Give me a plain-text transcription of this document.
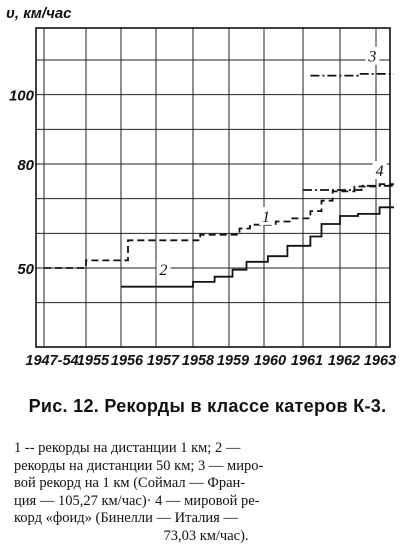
50
80
100
υ, км/час
1947-54
1955 1956 1957 1958 1959 1960 1961 1962 1963
1
2
3
4
Рис. 12. Рекорды в классе катеров К-3.
1 -- рекорды на дистанции 1 км; 2 —
рекорды на дистанции 50 км; 3 — миро-
вой рекорд на 1 км (Соймал — Фран-
ция — 105,27 км/час)· 4 — мировой ре-
корд «фоид» (Бинелли — Италия —
73,03 км/час).
